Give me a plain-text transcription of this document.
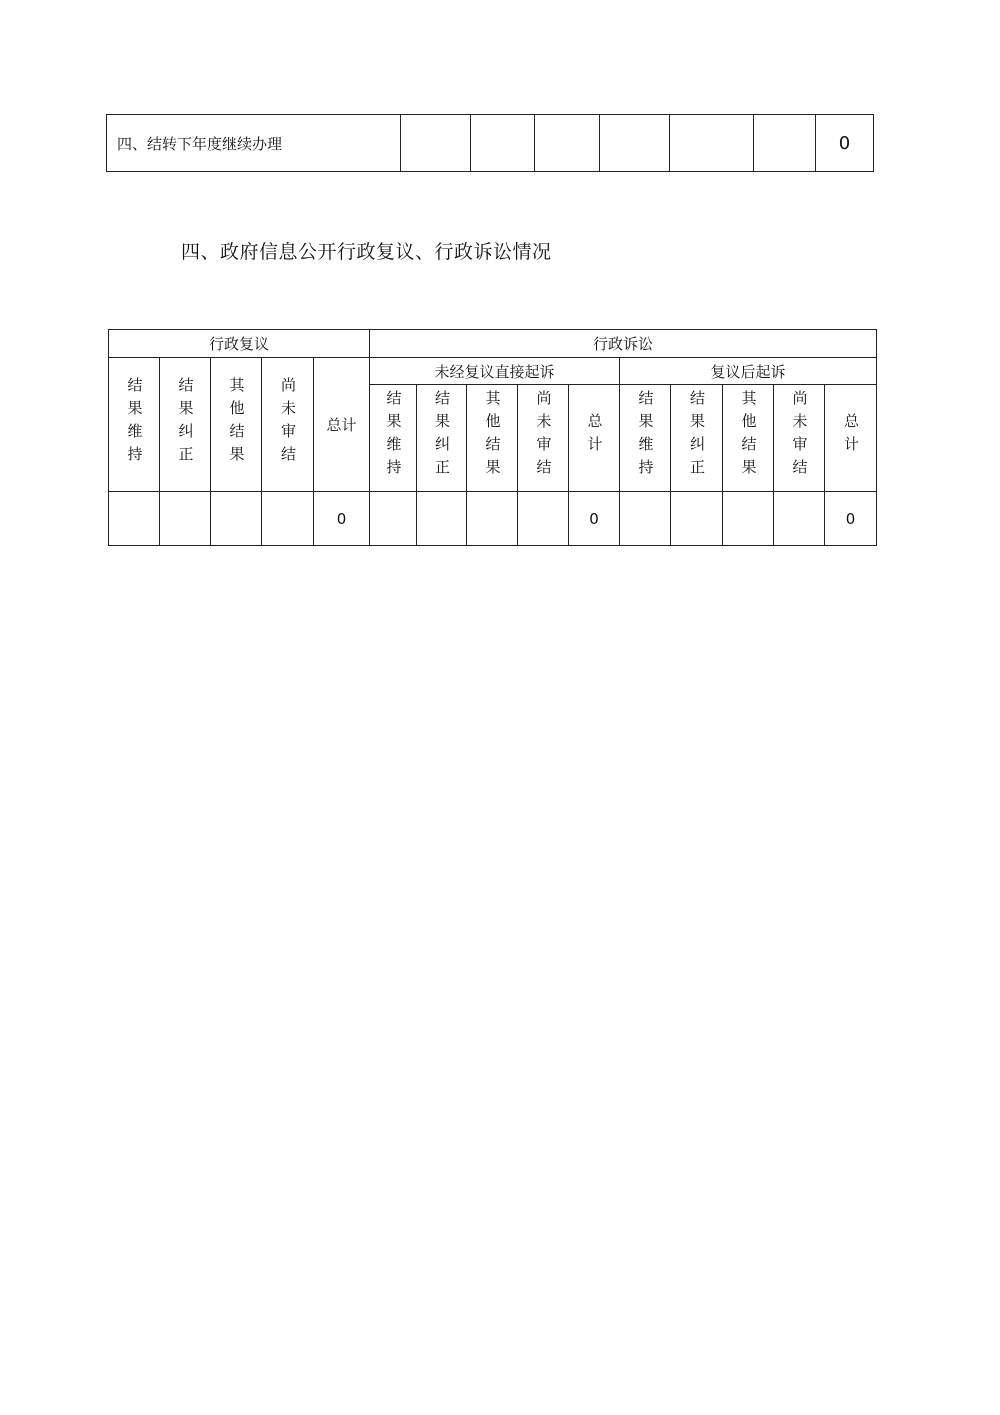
四、结转下年度继续办理							0
四、政府信息公开行政复议、行政诉讼情况
行政复议					行政诉讼									
结果维持	结果纠正	其他结果	尚未审结	总计	未经复议直接起诉					复议后起诉				
					结果维持	结果纠正	其他结果	尚未审结	总计	结果维持	结果纠正	其他结果	尚未审结	总计
				0					0					0
